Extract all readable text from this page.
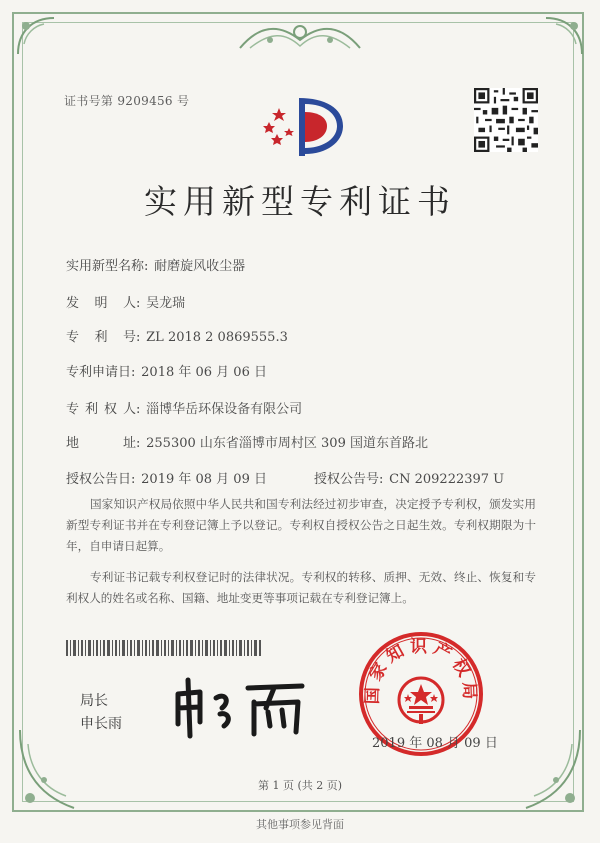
证书号第 9209456 号
实用新型专利证书
实用新型名称: 耐磨旋风收尘器
发 明 人 : 吴龙瑞
专 利 号 : ZL 2018 2 0869555.3
专利申请日: 2018 年 06 月 06 日
专 利 权 人 : 淄博华岳环保设备有限公司
地	址 : 255300 山东省淄博市周村区 309 国道东首路北
授权公告日: 2019 年 08 月 09 日	授权公告号: CN 209222397 U
国家知识产权局依照中华人民共和国专利法经过初步审查，决定授予专利权，颁发实用新型专利证书并在专利登记簿上予以登记。专利权自授权公告之日起生效。专利权期限为十年，自申请日起算。
专利证书记载专利权登记时的法律状况。专利权的转移、质押、无效、终止、恢复和专利权人的姓名或名称、国籍、地址变更等事项记载在专利登记簿上。
局长
申长雨
国家知识产权局
2019 年 08 月 09 日
第 1 页 (共 2 页)
其他事项参见背面
